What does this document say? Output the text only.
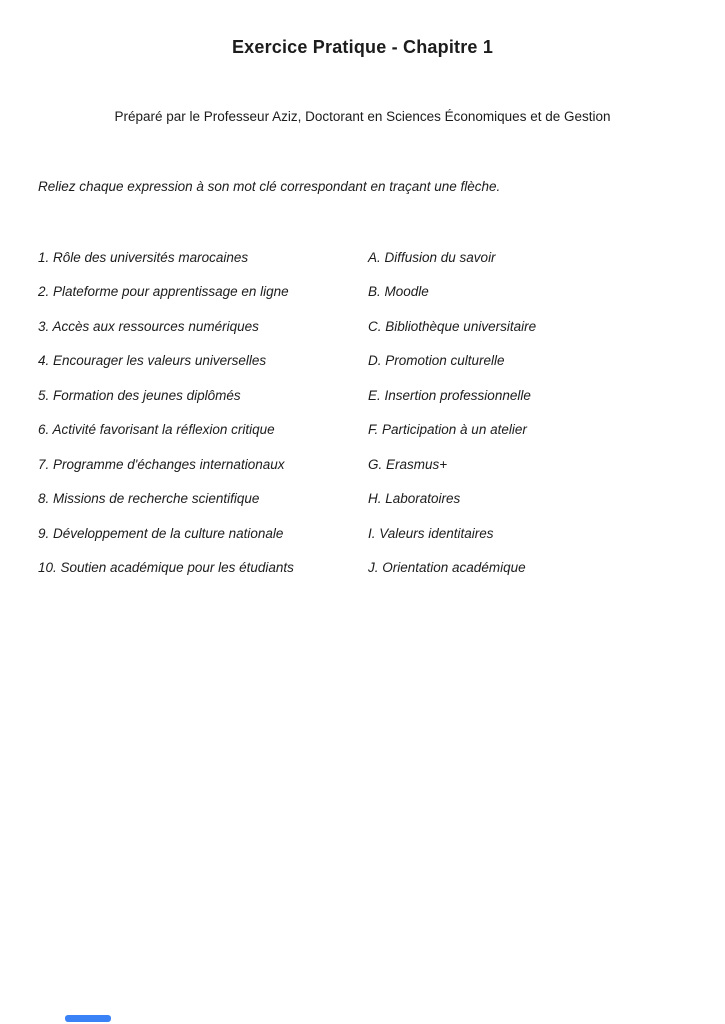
Exercice Pratique - Chapitre 1
Préparé par le Professeur Aziz, Doctorant en Sciences Économiques et de Gestion
Reliez chaque expression à son mot clé correspondant en traçant une flèche.
1. Rôle des universités marocaines	A. Diffusion du savoir
2. Plateforme pour apprentissage en ligne	B. Moodle
3. Accès aux ressources numériques	C. Bibliothèque universitaire
4. Encourager les valeurs universelles	D. Promotion culturelle
5. Formation des jeunes diplômés	E. Insertion professionnelle
6. Activité favorisant la réflexion critique	F. Participation à un atelier
7. Programme d'échanges internationaux	G. Erasmus+
8. Missions de recherche scientifique	H. Laboratoires
9. Développement de la culture nationale	I. Valeurs identitaires
10. Soutien académique pour les étudiants	J. Orientation académique
